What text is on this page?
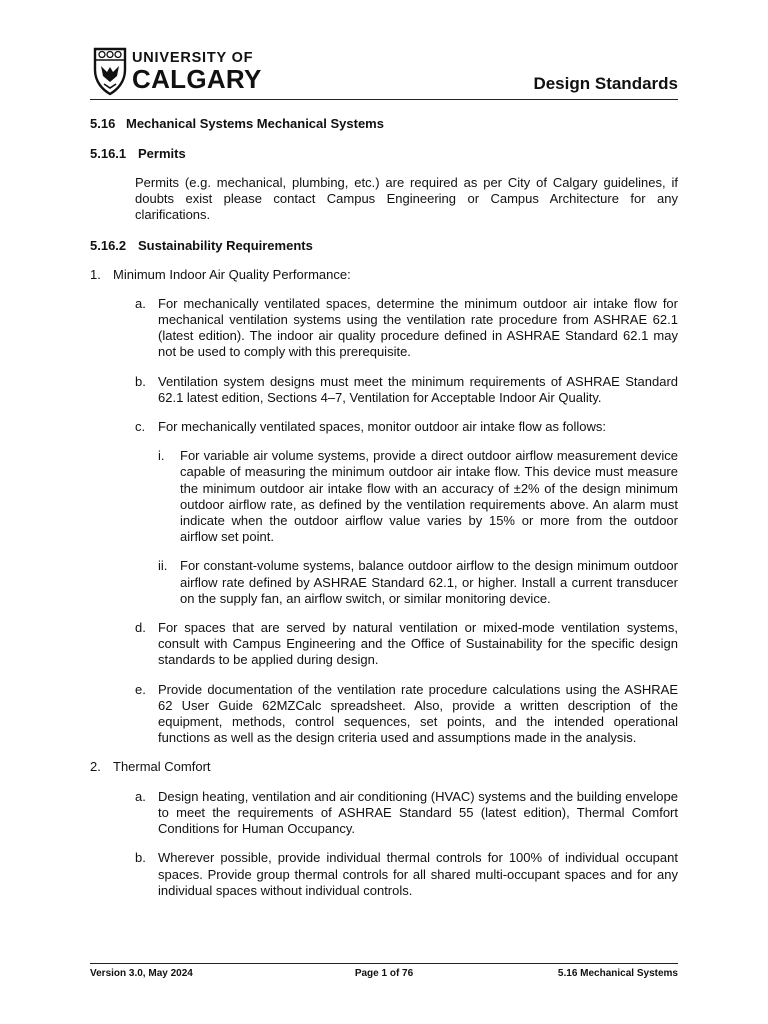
UNIVERSITY OF
CALGARY	Design Standards
5.16 Mechanical Systems Mechanical Systems
5.16.1 Permits
Permits (e.g. mechanical, plumbing, etc.) are required as per City of Calgary guidelines, if doubts exist please contact Campus Engineering or Campus Architecture for any clarifications.
5.16.2 Sustainability Requirements
1. Minimum Indoor Air Quality Performance:
a. For mechanically ventilated spaces, determine the minimum outdoor air intake flow for mechanical ventilation systems using the ventilation rate procedure from ASHRAE 62.1 (latest edition). The indoor air quality procedure defined in ASHRAE Standard 62.1 may not be used to comply with this prerequisite.
b. Ventilation system designs must meet the minimum requirements of ASHRAE Standard 62.1 latest edition, Sections 4–7, Ventilation for Acceptable Indoor Air Quality.
c. For mechanically ventilated spaces, monitor outdoor air intake flow as follows:
i. For variable air volume systems, provide a direct outdoor airflow measurement device capable of measuring the minimum outdoor air intake flow. This device must measure the minimum outdoor air intake flow with an accuracy of ±2% of the design minimum outdoor airflow rate, as defined by the ventilation requirements above. An alarm must indicate when the outdoor airflow value varies by 15% or more from the outdoor airflow set point.
ii. For constant-volume systems, balance outdoor airflow to the design minimum outdoor airflow rate defined by ASHRAE Standard 62.1, or higher. Install a current transducer on the supply fan, an airflow switch, or similar monitoring device.
d. For spaces that are served by natural ventilation or mixed-mode ventilation systems, consult with Campus Engineering and the Office of Sustainability for the specific design standards to be applied during design.
e. Provide documentation of the ventilation rate procedure calculations using the ASHRAE 62 User Guide 62MZCalc spreadsheet. Also, provide a written description of the equipment, methods, control sequences, set points, and the intended operational functions as well as the design criteria used and assumptions made in the analysis.
2. Thermal Comfort
a. Design heating, ventilation and air conditioning (HVAC) systems and the building envelope to meet the requirements of ASHRAE Standard 55 (latest edition), Thermal Comfort Conditions for Human Occupancy.
b. Wherever possible, provide individual thermal controls for 100% of individual occupant spaces. Provide group thermal controls for all shared multi-occupant spaces and for any individual spaces without individual controls.
Version 3.0, May 2024	Page 1 of 76	5.16 Mechanical Systems
